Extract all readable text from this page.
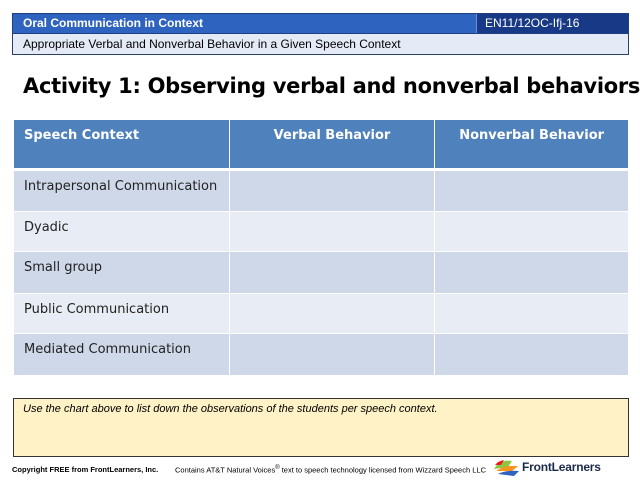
Oral Communication in Context	EN11/12OC-Ifj-16
Appropriate Verbal and Nonverbal Behavior in a Given Speech Context
Activity 1: Observing verbal and nonverbal behaviors
Speech Context	Verbal Behavior	Nonverbal Behavior
Intrapersonal Communication		
Dyadic		
Small group		
Public Communication		
Mediated Communication		
Use the chart above to list down the observations of the students per speech context.
Copyright FREE from FrontLearners, Inc. Contains AT&T Natural Voices® text to speech technology licensed from Wizzard Speech LLC	FrontLearners
